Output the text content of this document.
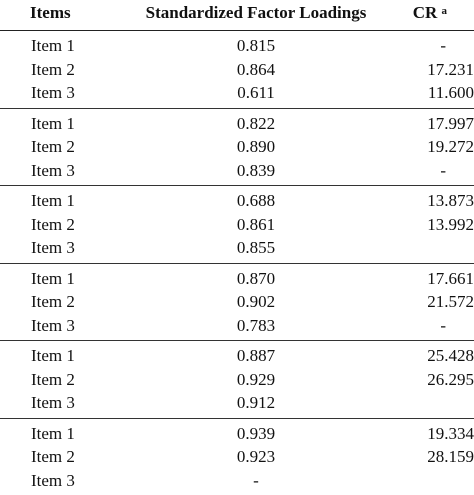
Items	Standardized Factor Loadings	CR $^a$
Item 1	0.815	-
Item 2	0.864	17.231
Item 3	0.611	11.600
Item 1	0.822	17.997
Item 2	0.890	19.272
Item 3	0.839	-
Item 1	0.688	13.873
Item 2	0.861	13.992
Item 3	0.855
Item 1	0.870	17.661
Item 2	0.902	21.572
Item 3	0.783	-
Item 1	0.887	25.428
Item 2	0.929	26.295
Item 3	0.912
Item 1	0.939	19.334
Item 2	0.923	28.159
Item 3	-
